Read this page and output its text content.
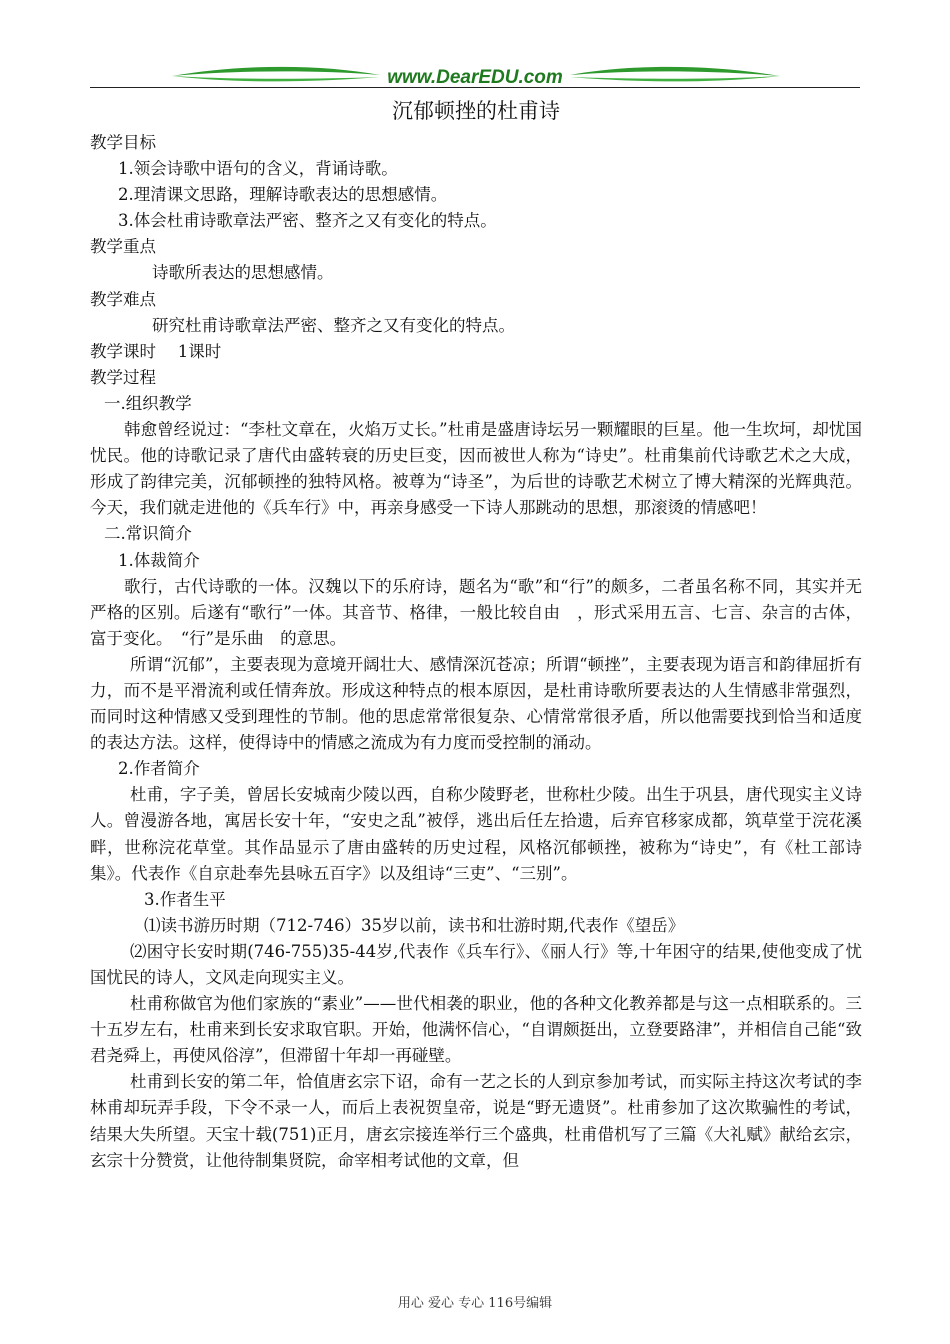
www.DearEDU.com
沉郁顿挫的杜甫诗

教学目标

1.领会诗歌中语句的含义，背诵诗歌。

2.理清课文思路，理解诗歌表达的思想感情。

3.体会杜甫诗歌章法严密、整齐之又有变化的特点。

教学重点

诗歌所表达的思想感情。

教学难点

研究杜甫诗歌章法严密、整齐之又有变化的特点。

教学课时　 1课时

教学过程

一.组织教学

韩愈曾经说过：“李杜文章在，火焰万丈长。”杜甫是盛唐诗坛另一颗耀眼的巨星。他一生坎坷，却忧国忧民。他的诗歌记录了唐代由盛转衰的历史巨变，因而被世人称为“诗史”。杜甫集前代诗歌艺术之大成，形成了韵律完美，沉郁顿挫的独特风格。被尊为“诗圣”，为后世的诗歌艺术树立了博大精深的光辉典范。今天，我们就走进他的《兵车行》中，再亲身感受一下诗人那跳动的思想，那滚烫的情感吧！

二.常识简介

1.体裁简介

歌行，古代诗歌的一体。汉魏以下的乐府诗，题名为“歌”和“行”的颇多，二者虽名称不同，其实并无严格的区别。后遂有“歌行”一体。其音节、格律，一般比较自由　，形式采用五言、七言、杂言的古体，富于变化。　“行”是乐曲　的意思。

所谓“沉郁”，主要表现为意境开阔壮大、感情深沉苍凉；所谓“顿挫”，主要表现为语言和韵律屈折有力，而不是平滑流利或任情奔放。形成这种特点的根本原因，是杜甫诗歌所要表达的人生情感非常强烈，而同时这种情感又受到理性的节制。他的思虑常常很复杂、心情常常很矛盾，所以他需要找到恰当和适度的表达方法。这样，使得诗中的情感之流成为有力度而受控制的涌动。

2.作者简介

杜甫，字子美，曾居长安城南少陵以西，自称少陵野老，世称杜少陵。出生于巩县，唐代现实主义诗人。曾漫游各地，寓居长安十年，“安史之乱”被俘，逃出后任左拾遗，后弃官移家成都，筑草堂于浣花溪畔，世称浣花草堂。其作品显示了唐由盛转的历史过程，风格沉郁顿挫，被称为“诗史”，有《杜工部诗集》。代表作《自京赴奉先县咏五百字》以及组诗“三吏”、“三别”。

3.作者生平

⑴读书游历时期（712-746）35岁以前，读书和壮游时期,代表作《望岳》

⑵困守长安时期(746-755)35-44岁,代表作《兵车行》、《丽人行》等,十年困守的结果,使他变成了忧国忧民的诗人，文风走向现实主义。

杜甫称做官为他们家族的“素业”——世代相袭的职业，他的各种文化教养都是与这一点相联系的。三十五岁左右，杜甫来到长安求取官职。开始，他满怀信心，“自谓颇挺出，立登要路津”，并相信自己能“致君尧舜上，再使风俗淳”，但滞留十年却一再碰壁。

杜甫到长安的第二年，恰值唐玄宗下诏，命有一艺之长的人到京参加考试，而实际主持这次考试的李林甫却玩弄手段，下令不录一人，而后上表祝贺皇帝，说是“野无遗贤”。杜甫参加了这次欺骗性的考试，结果大失所望。天宝十载(751)正月，唐玄宗接连举行三个盛典，杜甫借机写了三篇《大礼赋》献给玄宗，玄宗十分赞赏，让他待制集贤院，命宰相考试他的文章，但

用心 爱心 专心 116号编辑
